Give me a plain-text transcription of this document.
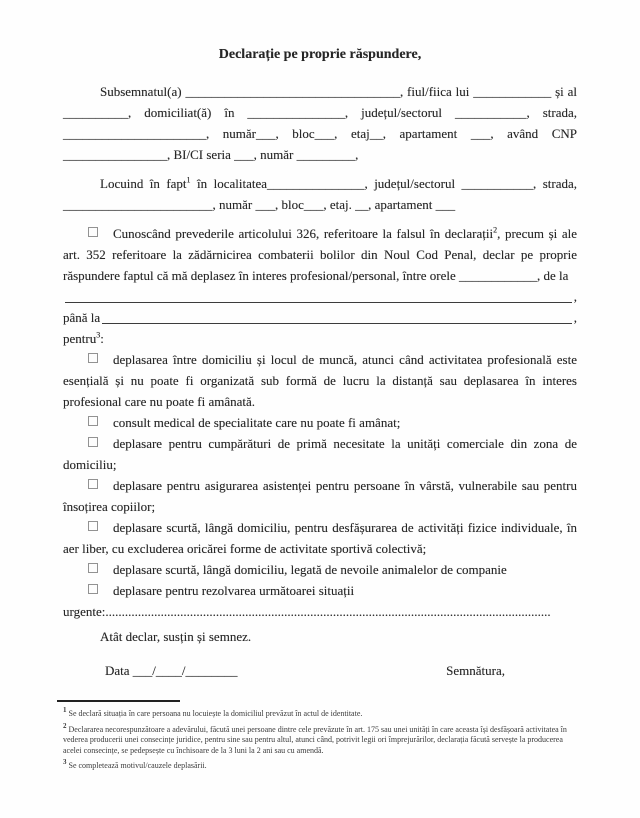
Declarație pe proprie răspundere,

Subsemnatul(a) _________________________________, fiul/fiica lui ____________ și al __________, domiciliat(ă) în _______________, județul/sectorul ___________, strada, ______________________, număr___, bloc___, etaj__, apartament ___, având CNP ________________, BI/CI seria ___, număr _________,

Locuind în fapt$^1$ în localitatea_______________, județul/sectorul ___________, strada, _______________________, număr ___, bloc___, etaj. __, apartament ___

Cunoscând prevederile articolului 326, referitoare la falsul în declarații$^2$, precum și ale art. 352 referitoare la zădărnicirea combaterii bolilor din Noul Cod Penal, declar pe proprie răspundere faptul că mă deplasez în interes profesional/personal, între orele ____________, de la

,
până la	,

pentru$^3$:

deplasarea între domiciliu și locul de muncă, atunci când activitatea profesională este esențială și nu poate fi organizată sub formă de lucru la distanță sau deplasarea în interes profesional care nu poate fi amânată.

consult medical de specialitate care nu poate fi amânat;

deplasare pentru cumpărături de primă necesitate la unități comerciale din zona de domiciliu;

deplasare pentru asigurarea asistenței pentru persoane în vârstă, vulnerabile sau pentru însoțirea copiilor;

deplasare scurtă, lângă domiciliu, pentru desfășurarea de activități fizice individuale, în aer liber, cu excluderea oricărei forme de activitate sportivă colectivă;

deplasare scurtă, lângă domiciliu, legată de nevoile animalelor de companie

deplasare pentru rezolvarea următoarei situații urgente:.........................................................................................................................................

Atât declar, susțin și semnez.

Data ___/____/________	Semnătura,

$^1$ Se declară situația în care persoana nu locuiește la domiciliul prevăzut în actul de identitate.

$^2$ Declararea necorespunzătoare a adevărului, făcută unei persoane dintre cele prevăzute în art. 175 sau unei unități în care aceasta își desfășoară activitatea în vederea producerii unei consecințe juridice, pentru sine sau pentru altul, atunci când, potrivit legii ori împrejurărilor, declarația făcută servește la producerea acelei consecințe, se pedepsește cu închisoare de la 3 luni la 2 ani sau cu amendă.

$^3$ Se completează motivul/cauzele deplasării.
